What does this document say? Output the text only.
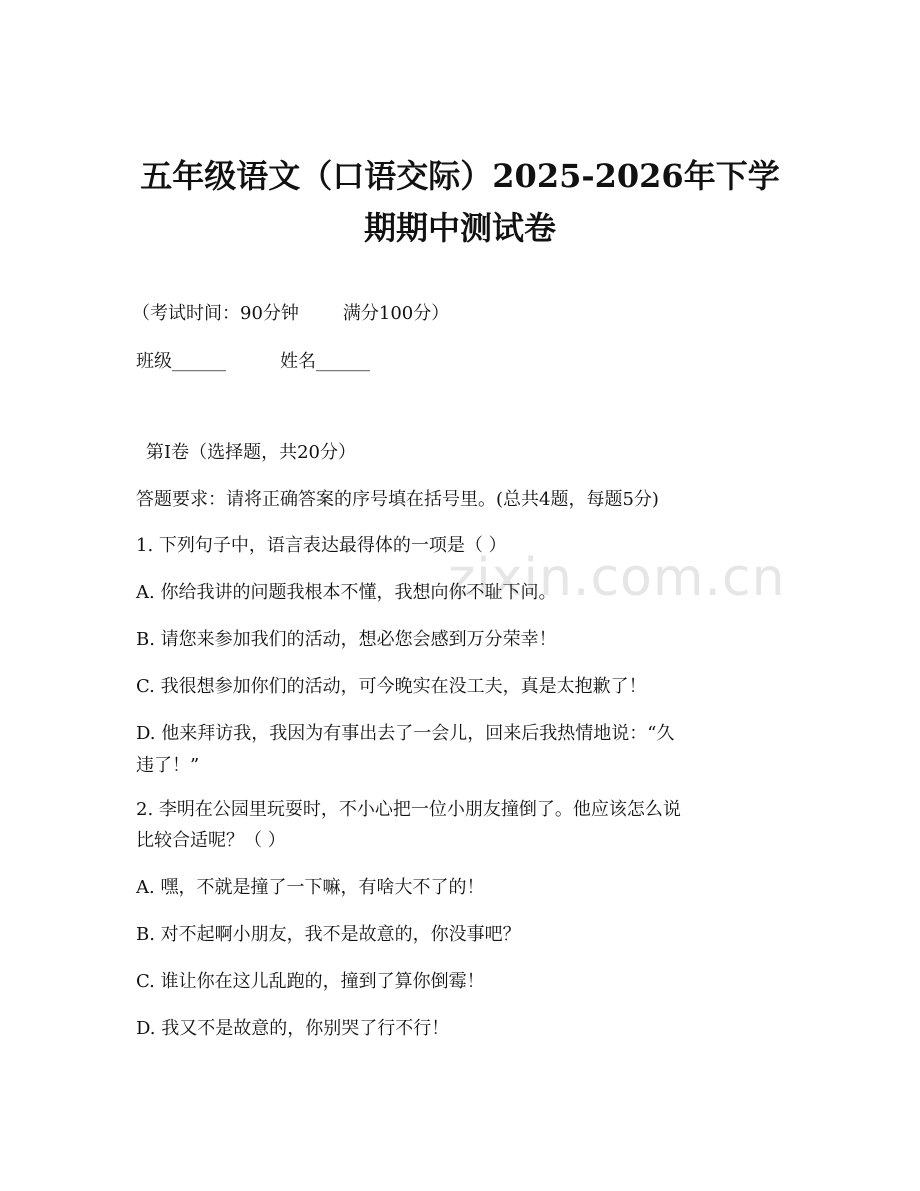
zixin.com.cn
五年级语文（口语交际）2025-2026年下学
期期中测试卷
（考试时间：90分钟 满分100分）
班级______	姓名______
第I卷（选择题，共20分）
答题要求：请将正确答案的序号填在括号里。(总共4题，每题5分)
1. 下列句子中，语言表达最得体的一项是（ ）
A. 你给我讲的问题我根本不懂，我想向你不耻下问。
B. 请您来参加我们的活动，想必您会感到万分荣幸！
C. 我很想参加你们的活动，可今晚实在没工夫，真是太抱歉了！
D. 他来拜访我，我因为有事出去了一会儿，回来后我热情地说：“久
违了！”
2. 李明在公园里玩耍时，不小心把一位小朋友撞倒了。他应该怎么说
比较合适呢？（ ）
A. 嘿，不就是撞了一下嘛，有啥大不了的！
B. 对不起啊小朋友，我不是故意的，你没事吧？
C. 谁让你在这儿乱跑的，撞到了算你倒霉！
D. 我又不是故意的，你别哭了行不行！
